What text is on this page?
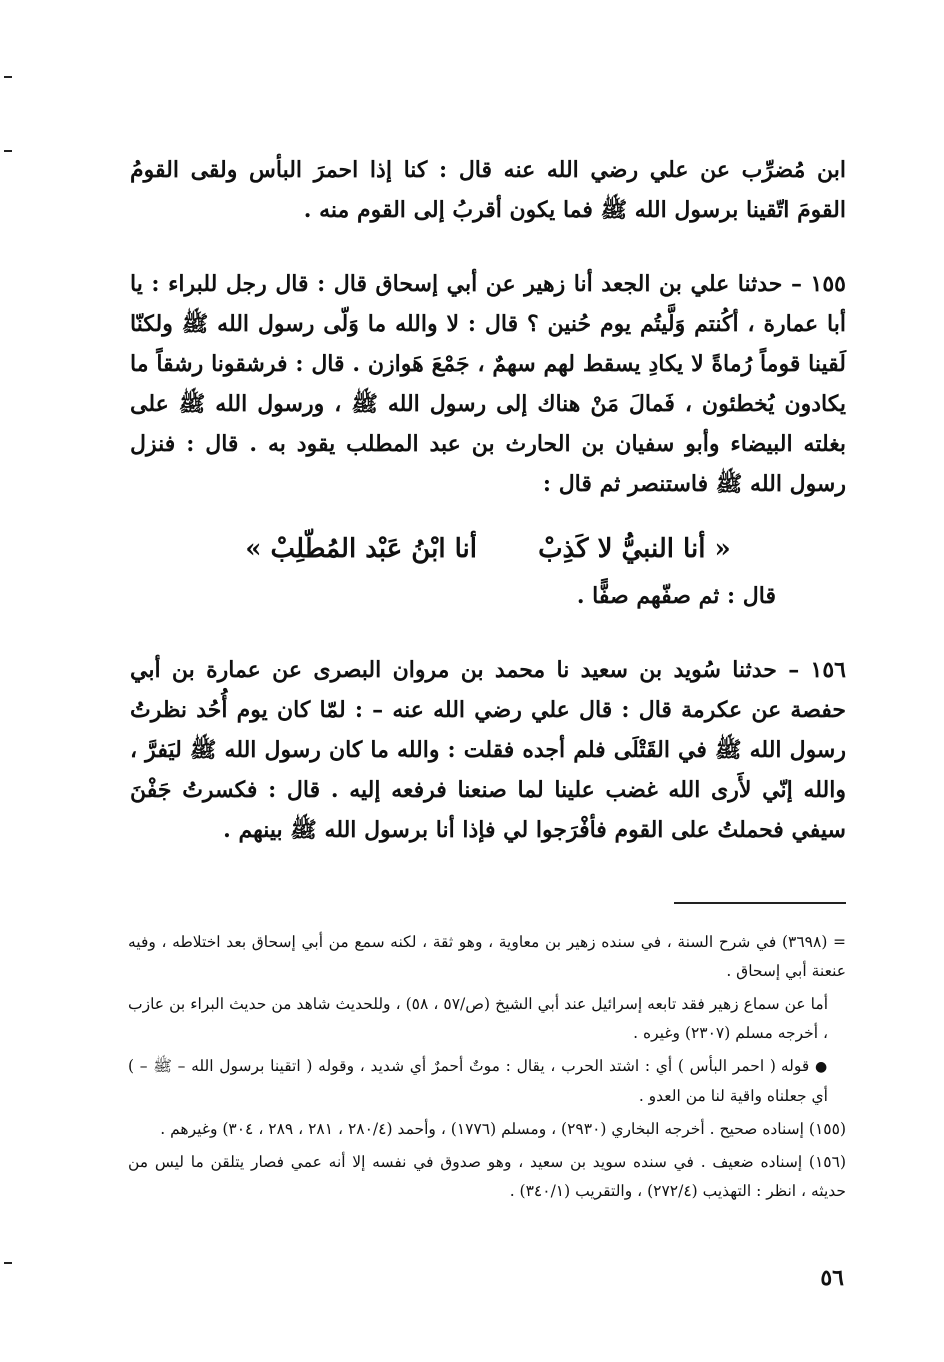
ابن مُضرِّب عن علي رضي الله عنه قال : كنا إذا احمرَ البأس ولقى القومُ القومَ اتّقينا برسول الله ﷺ فما يكون أقربُ إلى القوم منه .

١٥٥ – حدثنا علي بن الجعد أنا زهير عن أبي إسحاق قال : قال رجل للبراء : يا أبا عمارة ، أكُنتم وَلَّيتُم يوم حُنين ؟ قال : لا والله ما وَلّى رسول الله ﷺ ولكنّا لَقينا قوماً رُماةً لا يكادِ يسقط لهم سهمٌ ، جَمْعَ هَوازن . قال : فرشقونا رشقاً ما يكادون يُخطئون ، فَمالَ مَنْ هناك إلى رسول الله ﷺ ، ورسول الله ﷺ على بغلته البيضاء وأبو سفيان بن الحارث بن عبد المطلب يقود به . قال : فنزل رسول الله ﷺ فاستنصر ثم قال :

« أنا النبيُّ لا كَذِبْ أنا ابْنُ عَبْد المُطّلِبْ »

قال : ثم صفّهم صفًّا .

١٥٦ – حدثنا سُويد بن سعيد نا محمد بن مروان البصرى عن عمارة بن أبي حفصة عن عكرمة قال : قال علي رضي الله عنه – : لمّا كان يوم أُحُد نظرتُ رسول الله ﷺ في القَتْلَى فلم أجده فقلت : والله ما كان رسول الله ﷺ ليَفرَّ ، والله إنّي لأَرى الله غضب علينا لما صنعنا فرفعه إليه . قال : فكسرتُ جَفْنَ سيفي فحملتُ على القوم فأفْرَجوا لي فإذا أنا برسول الله ﷺ بينهم .

= (٣٦٩٨) في شرح السنة ، في سنده زهير بن معاوية ، وهو ثقة ، لكنه سمع من أبي إسحاق بعد اختلاطه ، وفيه عنعنة أبي إسحاق .

أما عن سماع زهير فقد تابعه إسرائيل عند أبي الشيخ (ص/٥٧ ، ٥٨) ، وللحديث شاهد من حديث البراء بن عازب ، أخرجه مسلم (٢٣٠٧) وغيره .

● قوله ( احمر البأس ) أي : اشتد الحرب ، يقال : موتٌ أحمرٌ أي شديد ، وقوله ( اتقينا برسول الله – ﷺ – ) أي جعلناه واقية لنا من العدو .

(١٥٥) إسناده صحيح . أخرجه البخاري (٢٩٣٠) ، ومسلم (١٧٧٦) ، وأحمد (٢٨٠/٤ ، ٢٨١ ، ٢٨٩ ، ٣٠٤) وغيرهم .

(١٥٦) إسناده ضعيف . في سنده سويد بن سعيد ، وهو صدوق في نفسه إلا أنه عمي فصار يتلقن ما ليس من حديثه ، انظر : التهذيب (٢٧٢/٤) ، والتقريب (٣٤٠/١) .

٥٦
